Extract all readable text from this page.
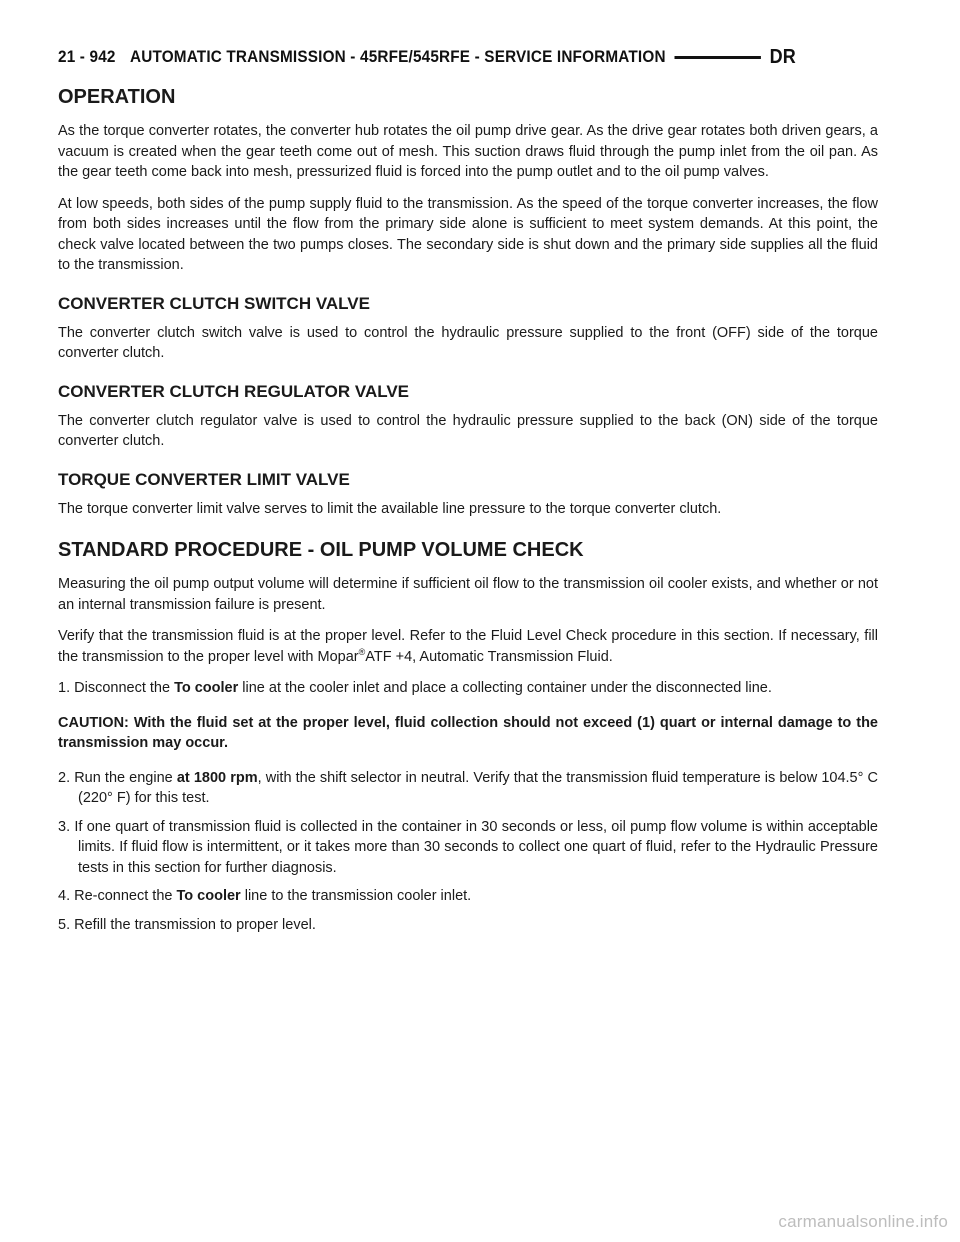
21 - 942 AUTOMATIC TRANSMISSION - 45RFE/545RFE - SERVICE INFORMATION	DR
OPERATION

As the torque converter rotates, the converter hub rotates the oil pump drive gear. As the drive gear rotates both driven gears, a vacuum is created when the gear teeth come out of mesh. This suction draws fluid through the pump inlet from the oil pan. As the gear teeth come back into mesh, pressurized fluid is forced into the pump outlet and to the oil pump valves.

At low speeds, both sides of the pump supply fluid to the transmission. As the speed of the torque converter increases, the flow from both sides increases until the flow from the primary side alone is sufficient to meet system demands. At this point, the check valve located between the two pumps closes. The secondary side is shut down and the primary side supplies all the fluid to the transmission.

CONVERTER CLUTCH SWITCH VALVE

The converter clutch switch valve is used to control the hydraulic pressure supplied to the front (OFF) side of the torque converter clutch.

CONVERTER CLUTCH REGULATOR VALVE

The converter clutch regulator valve is used to control the hydraulic pressure supplied to the back (ON) side of the torque converter clutch.

TORQUE CONVERTER LIMIT VALVE

The torque converter limit valve serves to limit the available line pressure to the torque converter clutch.

STANDARD PROCEDURE - OIL PUMP VOLUME CHECK

Measuring the oil pump output volume will determine if sufficient oil flow to the transmission oil cooler exists, and whether or not an internal transmission failure is present.

Verify that the transmission fluid is at the proper level. Refer to the Fluid Level Check procedure in this section. If necessary, fill the transmission to the proper level with Mopar®ATF +4, Automatic Transmission Fluid.

1. Disconnect the To cooler line at the cooler inlet and place a collecting container under the disconnected line.

CAUTION: With the fluid set at the proper level, fluid collection should not exceed (1) quart or internal damage to the transmission may occur.

2. Run the engine at 1800 rpm, with the shift selector in neutral. Verify that the transmission fluid temperature is below 104.5° C (220° F) for this test.
3. If one quart of transmission fluid is collected in the container in 30 seconds or less, oil pump flow volume is within acceptable limits. If fluid flow is intermittent, or it takes more than 30 seconds to collect one quart of fluid, refer to the Hydraulic Pressure tests in this section for further diagnosis.
4. Re-connect the To cooler line to the transmission cooler inlet.
5. Refill the transmission to proper level.
carmanualsonline.info
